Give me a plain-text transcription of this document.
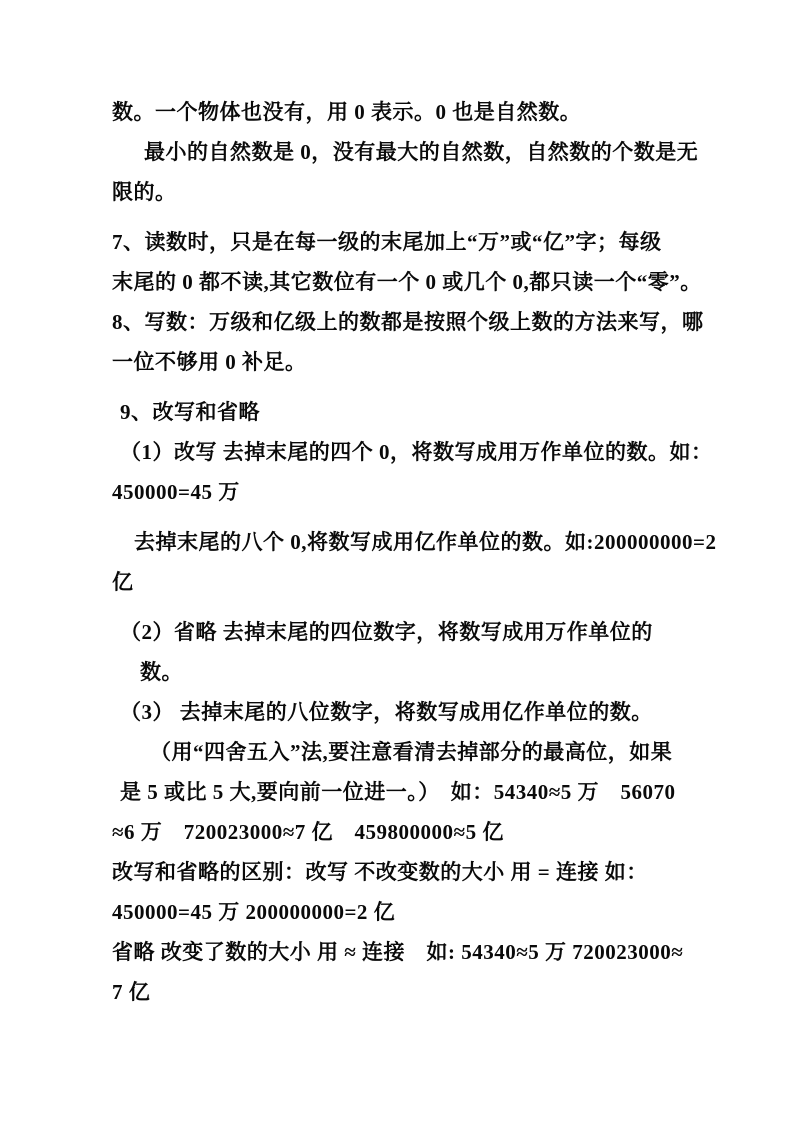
数。一个物体也没有，用 0 表示。0 也是自然数。
最小的自然数是 0，没有最大的自然数，自然数的个数是无
限的。
7、读数时，只是在每一级的末尾加上“万”或“亿”字；每级
末尾的 0 都不读,其它数位有一个 0 或几个 0,都只读一个“零”。
8、写数：万级和亿级上的数都是按照个级上数的方法来写，哪
一位不够用 0 补足。
9、改写和省略
（1）改写 去掉末尾的四个 0，将数写成用万作单位的数。如：
450000=45 万
去掉末尾的八个 0,将数写成用亿作单位的数。如:200000000=2
亿
（2）省略 去掉末尾的四位数字，将数写成用万作单位的
数。
（3） 去掉末尾的八位数字，将数写成用亿作单位的数。
（用“四舍五入”法,要注意看清去掉部分的最高位，如果
是 5 或比 5 大,要向前一位进一。）　如：54340≈5 万　56070
≈6 万　720023000≈7 亿　459800000≈5 亿
改写和省略的区别：改写 不改变数的大小 用 = 连接 如：
450000=45 万 200000000=2 亿
省略 改变了数的大小 用 ≈ 连接　如: 54340≈5 万 720023000≈
7 亿
